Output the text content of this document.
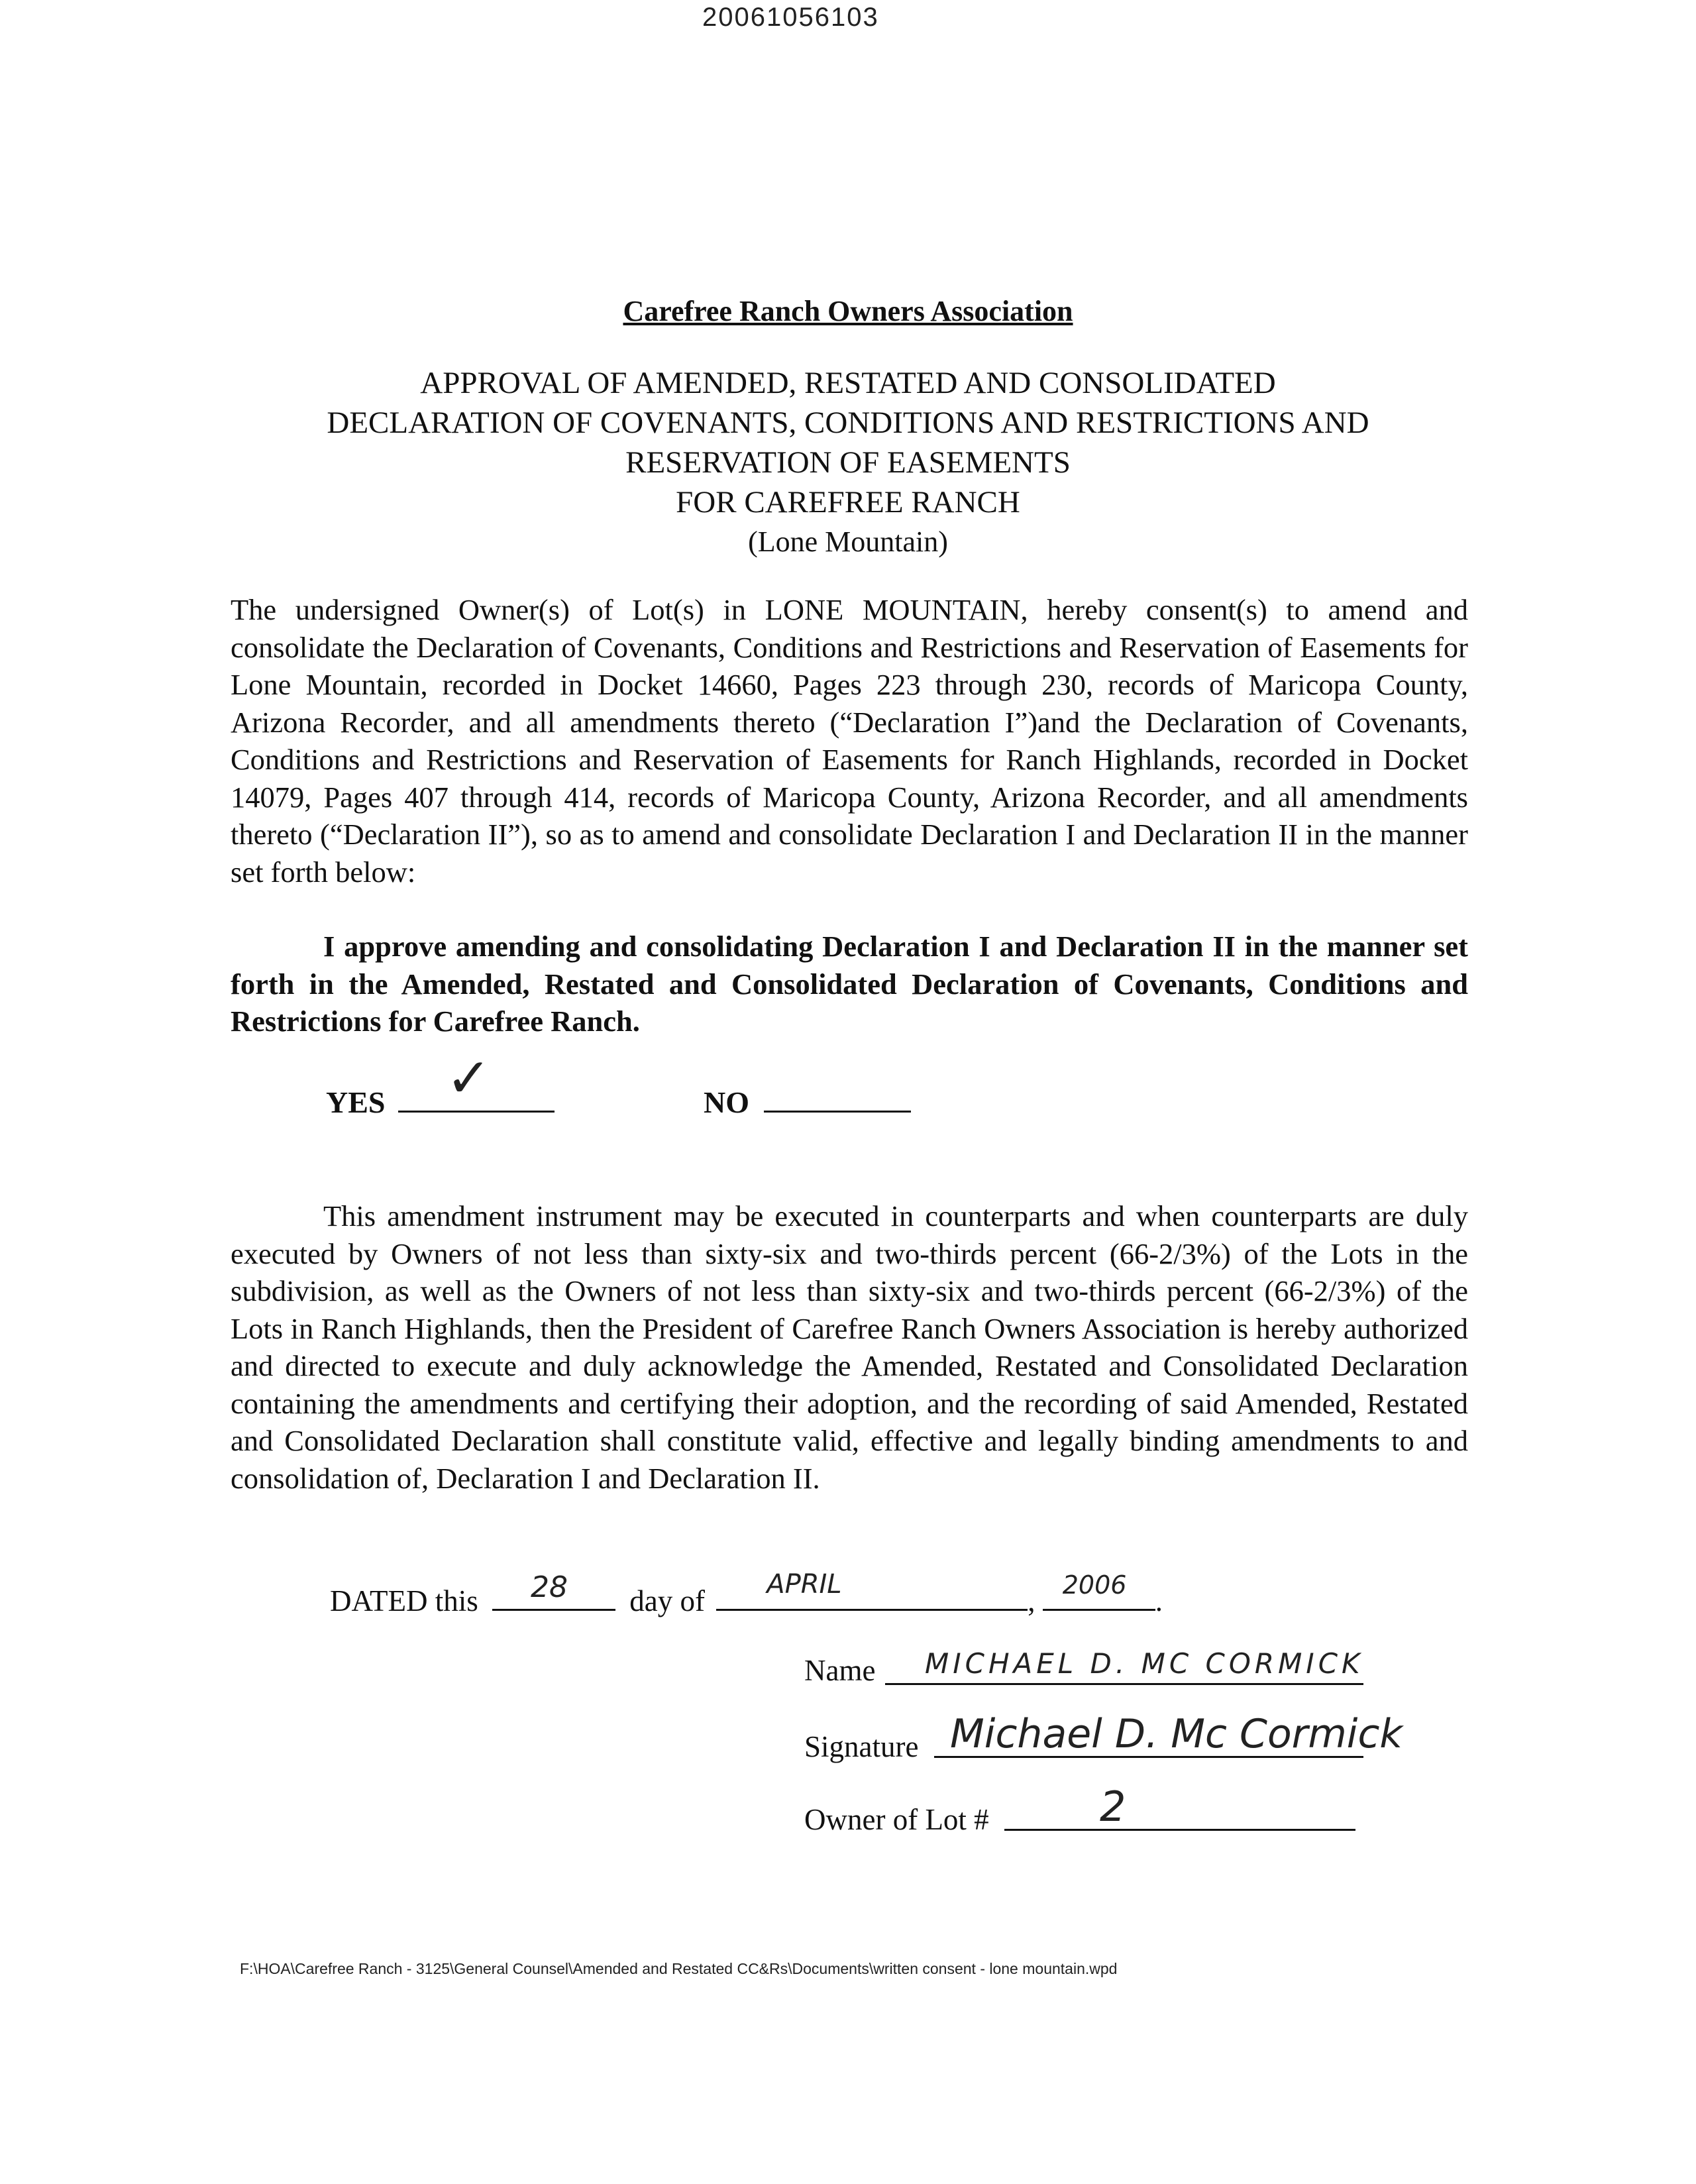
20061056103
Carefree Ranch Owners Association
APPROVAL OF AMENDED, RESTATED AND CONSOLIDATED
DECLARATION OF COVENANTS, CONDITIONS AND RESTRICTIONS AND
RESERVATION OF EASEMENTS
FOR CAREFREE RANCH
(Lone Mountain)
The undersigned Owner(s) of Lot(s) in LONE MOUNTAIN, hereby consent(s) to amend and consolidate the Declaration of Covenants, Conditions and Restrictions and Reservation of Easements for Lone Mountain, recorded in Docket 14660, Pages 223 through 230, records of Maricopa County, Arizona Recorder, and all amendments thereto (“Declaration I”)and the Declaration of Covenants, Conditions and Restrictions and Reservation of Easements for Ranch Highlands, recorded in Docket 14079, Pages 407 through 414, records of Maricopa County, Arizona Recorder, and all amendments thereto (“Declaration II”), so as to amend and consolidate Declaration I and Declaration II in the manner set forth below:
I approve amending and consolidating Declaration I and Declaration II in the manner set forth in the Amended, Restated and Consolidated Declaration of Covenants, Conditions and Restrictions for Carefree Ranch.
YES ✓	NO
This amendment instrument may be executed in counterparts and when counterparts are duly executed by Owners of not less than sixty-six and two-thirds percent (66-2/3%) of the Lots in the subdivision, as well as the Owners of not less than sixty-six and two-thirds percent (66-2/3%) of the Lots in Ranch Highlands, then the President of Carefree Ranch Owners Association is hereby authorized and directed to execute and duly acknowledge the Amended, Restated and Consolidated Declaration containing the amendments and certifying their adoption, and the recording of said Amended, Restated and Consolidated Declaration shall constitute valid, effective and legally binding amendments to and consolidation of, Declaration I and Declaration II.
DATED this 28 day of APRIL	, 2006 .
Name MICHAEL D. MC CORMICK
Signature Michael D. Mc Cormick
Owner of Lot #	2
F:\HOA\Carefree Ranch - 3125\General Counsel\Amended and Restated CC&Rs\Documents\written consent - lone mountain.wpd
